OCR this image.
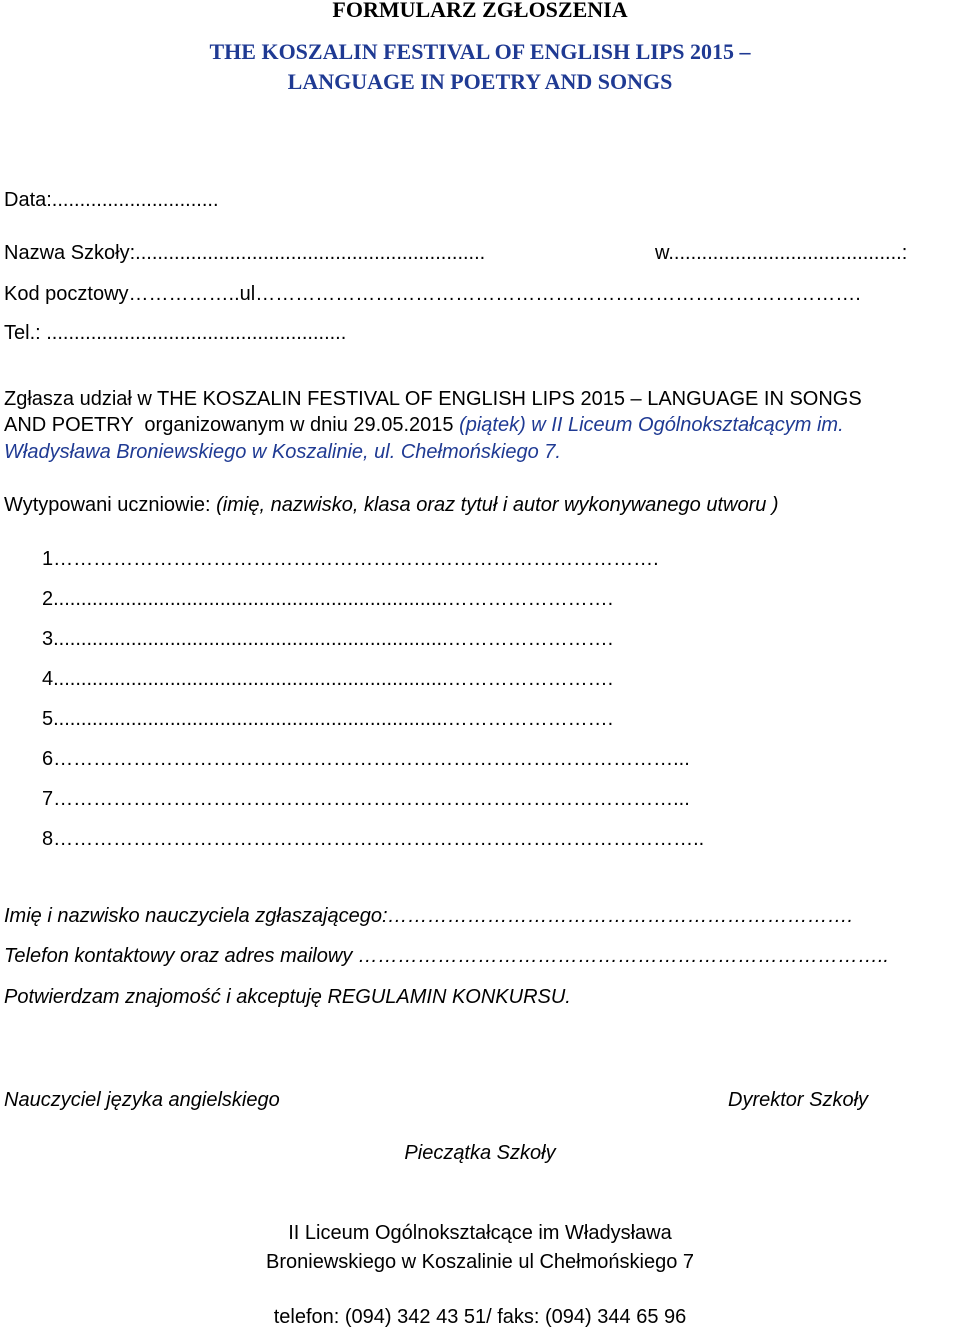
FORMULARZ ZGŁOSZENIA
THE KOSZALIN FESTIVAL OF ENGLISH LIPS 2015 –
LANGUAGE IN POETRY AND SONGS
Data:..............................
Nazwa Szkoły:...............................................................	w..........................................:
Kod pocztowy……………..ul……………………………………………………………………………….
Tel.: ......................................................
Zgłasza udział w THE KOSZALIN FESTIVAL OF ENGLISH LIPS 2015 – LANGUAGE IN SONGS
AND POETRY  organizowanym w dniu 29.05.2015 (piątek) w II Liceum Ogólnokształcącym im.
Władysława Broniewskiego w Koszalinie, ul. Chełmońskiego 7.
Wytypowani uczniowie: (imię, nazwisko, klasa oraz tytuł i autor wykonywanego utworu )
1……………………………………………………………………………….
2.......................................................................…………………….
3.......................................................................…………………….
4.......................................................................…………………….
5.......................................................................…………………….
6…………………………………………………………………………………...
7…………………………………………………………………………………...
8……………………………………………………………………………………..
Imię i nazwisko nauczyciela zgłaszającego:…………………………………………………………….
Telefon kontaktowy oraz adres mailowy ……………………………………………………………………..
Potwierdzam znajomość i akceptuję REGULAMIN KONKURSU.
Nauczyciel języka angielskiego	Dyrektor Szkoły
Pieczątka Szkoły
II Liceum Ogólnokształcące im Władysława
Broniewskiego w Koszalinie ul Chełmońskiego 7
telefon: (094) 342 43 51/ faks: (094) 344 65 96
